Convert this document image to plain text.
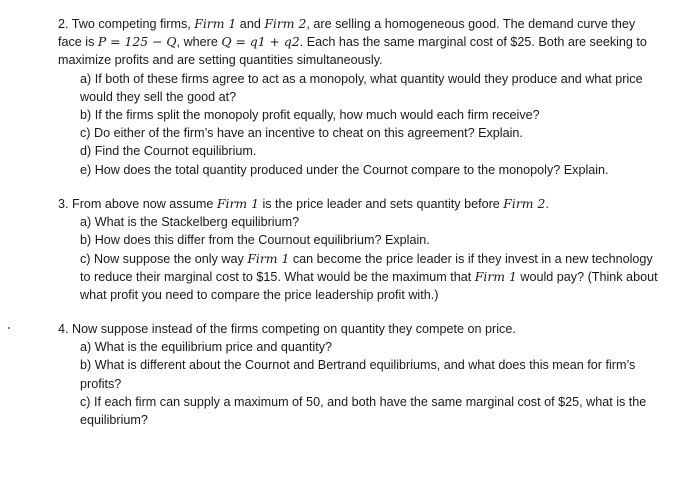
2. Two competing firms, Firm 1 and Firm 2, are selling a homogeneous good. The demand curve they face is P = 125 − Q, where Q = q1 + q2. Each has the same marginal cost of $25. Both are seeking to maximize profits and are setting quantities simultaneously.

a) If both of these firms agree to act as a monopoly, what quantity would they produce and what price would they sell the good at?

b) If the firms split the monopoly profit equally, how much would each firm receive?

c) Do either of the firm’s have an incentive to cheat on this agreement? Explain.

d) Find the Cournot equilibrium.

e) How does the total quantity produced under the Cournot compare to the monopoly? Explain.

3. From above now assume Firm 1 is the price leader and sets quantity before Firm 2.

a) What is the Stackelberg equilibrium?

b) How does this differ from the Cournout equilibrium? Explain.

c) Now suppose the only way Firm 1 can become the price leader is if they invest in a new technology to reduce their marginal cost to $15. What would be the maximum that Firm 1 would pay? (Think about what profit you need to compare the price leadership profit with.)

4. Now suppose instead of the firms competing on quantity they compete on price.

a) What is the equilibrium price and quantity?

b) What is different about the Cournot and Bertrand equilibriums, and what does this mean for firm’s profits?

c) If each firm can supply a maximum of 50, and both have the same marginal cost of $25, what is the equilibrium?
